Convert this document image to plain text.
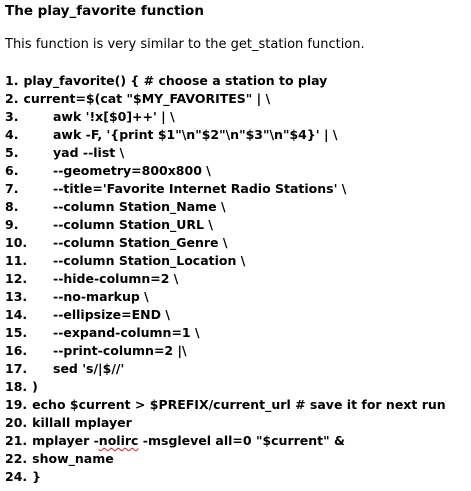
The play_favorite function
This function is very similar to the get_station function.
1. play_favorite() { # choose a station to play
2. current=$(cat "$MY_FAVORITES" | \
3.	awk '!x[$0]++' | \
4.	awk -F, '{print $1"\n"$2"\n"$3"\n"$4}' | \
5.	yad --list \
6.	--geometry=800x800 \
7.	--title='Favorite Internet Radio Stations' \
8.	--column Station_Name \
9.	--column Station_URL \
10. --column Station_Genre \
11. --column Station_Location \
12. --hide-column=2 \
13. --no-markup \
14. --ellipsize=END \
15. --expand-column=1 \
16. --print-column=2 |\
17. sed 's/|$//'
18. )
19. echo $current > $PREFIX/current_url # save it for next run
20. killall mplayer
21. mplayer -nolirc -msglevel all=0 "$current" &
22. show_name
24. }
